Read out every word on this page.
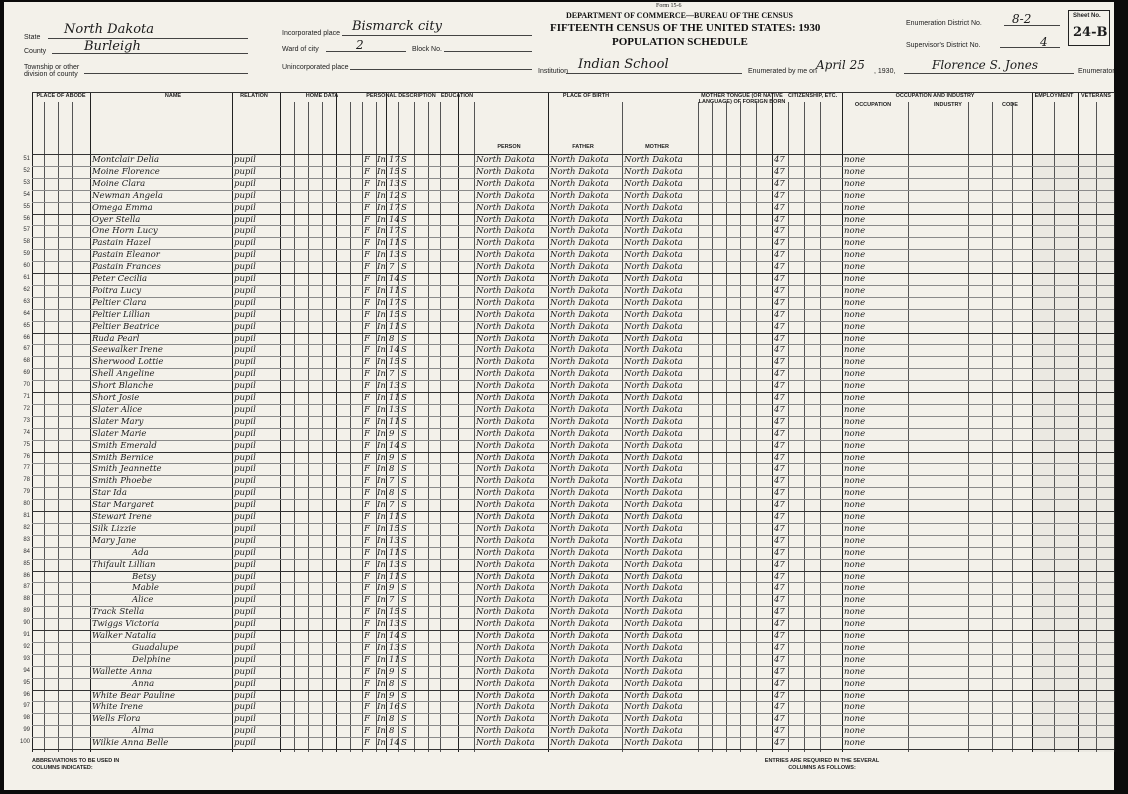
Form 15-6
DEPARTMENT OF COMMERCE—BUREAU OF THE CENSUS
FIFTEENTH CENSUS OF THE UNITED STATES: 1930
POPULATION SCHEDULE
State
North Dakota
County	Burleigh
Township or other division of county
Incorporated place Bismarck city
Ward of city	2	Block No.
Unincorporated place
Institution Indian School
Enumeration District No.	8-2
Supervisor's District No.	4
Sheet No.
24-B
Enumerated by me on April 25 , 1930,	Florence S. Jones	Enumerator
PLACE OF ABODE	NAME	RELATION	HOME DATA	PERSONAL DESCRIPTION EDUCATION	PLACE OF BIRTH	MOTHER TONGUE (OR NATIVE LANGUAGE) OF FOREIGN BORN
CITIZENSHIP, ETC.	OCCUPATION AND INDUSTRY	EMPLOYMENT	VETERANS
PERSON	FATHER	MOTHER
OCCUPATION	INDUSTRY	CODE
51	Montclair Delia	pupil	F In 17 S	North Dakota	North Dakota	North Dakota	47	none
52	Moine Florence	pupil	F In 15 S	North Dakota	North Dakota	North Dakota	47	none
53	Moine Clara	pupil	F In 13 S	North Dakota	North Dakota	North Dakota	47	none
54	Newman Angela	pupil	F In 12 S	North Dakota	North Dakota	North Dakota	47	none
55	Omega Emma	pupil	F In 17 S	North Dakota	North Dakota	North Dakota	47	none
56	Oyer Stella	pupil	F In 14 S	North Dakota	North Dakota	North Dakota	47	none
57	One Horn Lucy	pupil	F In 17 S	North Dakota	North Dakota	North Dakota	47	none
58	Pastain Hazel	pupil	F In 11 S	North Dakota	North Dakota	North Dakota	47	none
59	Pastain Eleanor	pupil	F In 13 S	North Dakota	North Dakota	North Dakota	47	none
60	Pastain Frances	pupil	F In 7 S	North Dakota	North Dakota	North Dakota	47	none
61	Peter Cecilia	pupil	F In 14 S	North Dakota	North Dakota	North Dakota	47	none
62	Poitra Lucy	pupil	F In 11 S	North Dakota	North Dakota	North Dakota	47	none
63	Peltier Clara	pupil	F In 17 S	North Dakota	North Dakota	North Dakota	47	none
64	Peltier Lillian	pupil	F In 15 S	North Dakota	North Dakota	North Dakota	47	none
65	Peltier Beatrice	pupil	F In 11 S	North Dakota	North Dakota	North Dakota	47	none
66	Ruda Pearl	pupil	F In 8 S	North Dakota	North Dakota	North Dakota	47	none
67	Seewalker Irene	pupil	F In 14 S	North Dakota	North Dakota	North Dakota	47	none
68	Sherwood Lottie	pupil	F In 15 S	North Dakota	North Dakota	North Dakota	47	none
69	Shell Angeline	pupil	F In 7 S	North Dakota	North Dakota	North Dakota	47	none
70	Short Blanche	pupil	F In 13 S	North Dakota	North Dakota	North Dakota	47	none
71	Short Josie	pupil	F In 11 S	North Dakota	North Dakota	North Dakota	47	none
72	Slater Alice	pupil	F In 13 S	North Dakota	North Dakota	North Dakota	47	none
73	Slater Mary	pupil	F In 11 S	North Dakota	North Dakota	North Dakota	47	none
74	Slater Marie	pupil	F In 9 S	North Dakota	North Dakota	North Dakota	47	none
75	Smith Emerald	pupil	F In 14 S	North Dakota	North Dakota	North Dakota	47	none
76	Smith Bernice	pupil	F In 9 S	North Dakota	North Dakota	North Dakota	47	none
77	Smith Jeannette	pupil	F In 8 S	North Dakota	North Dakota	North Dakota	47	none
78	Smith Phoebe	pupil	F In 7 S	North Dakota	North Dakota	North Dakota	47	none
79	Star Ida	pupil	F In 8 S	North Dakota	North Dakota	North Dakota	47	none
80	Star Margaret	pupil	F In 7 S	North Dakota	North Dakota	North Dakota	47	none
81	Stewart Irene	pupil	F In 11 S	North Dakota	North Dakota	North Dakota	47	none
82	Silk Lizzie	pupil	F In 15 S	North Dakota	North Dakota	North Dakota	47	none
83	Mary Jane	pupil	F In 13 S	North Dakota	North Dakota	North Dakota	47	none
84	Ada	pupil	F In 11 S	North Dakota	North Dakota	North Dakota	47	none
85	Thifault Lillian	pupil	F In 13 S	North Dakota	North Dakota	North Dakota	47	none
86	Betsy	pupil	F In 11 S	North Dakota	North Dakota	North Dakota	47	none
87	Mable	pupil	F In 9 S	North Dakota	North Dakota	North Dakota	47	none
88	Alice	pupil	F In 7 S	North Dakota	North Dakota	North Dakota	47	none
89	Track Stella	pupil	F In 15 S	North Dakota	North Dakota	North Dakota	47	none
90	Twiggs Victoria	pupil	F In 13 S	North Dakota	North Dakota	North Dakota	47	none
91	Walker Natalia	pupil	F In 14 S	North Dakota	North Dakota	North Dakota	47	none
92	Guadalupe	pupil	F In 13 S	North Dakota	North Dakota	North Dakota	47	none
93	Delphine	pupil	F In 11 S	North Dakota	North Dakota	North Dakota	47	none
94	Wallette Anna	pupil	F In 9 S	North Dakota	North Dakota	North Dakota	47	none
95	Anna	pupil	F In 8 S	North Dakota	North Dakota	North Dakota	47	none
96	White Bear Pauline	pupil	F In 9 S	North Dakota	North Dakota	North Dakota	47	none
97	White Irene	pupil	F In 16 S	North Dakota	North Dakota	North Dakota	47	none
98	Wells Flora	pupil	F In 8 S	North Dakota	North Dakota	North Dakota	47	none
99	Alma	pupil	F In 8 S	North Dakota	North Dakota	North Dakota	47	none
100	Wilkie Anna Belle	pupil	F In 14 S	North Dakota	North Dakota	North Dakota	47	none
ABBREVIATIONS TO BE USED IN COLUMNS INDICATED:
ENTRIES ARE REQUIRED IN THE SEVERAL COLUMNS AS FOLLOWS:
